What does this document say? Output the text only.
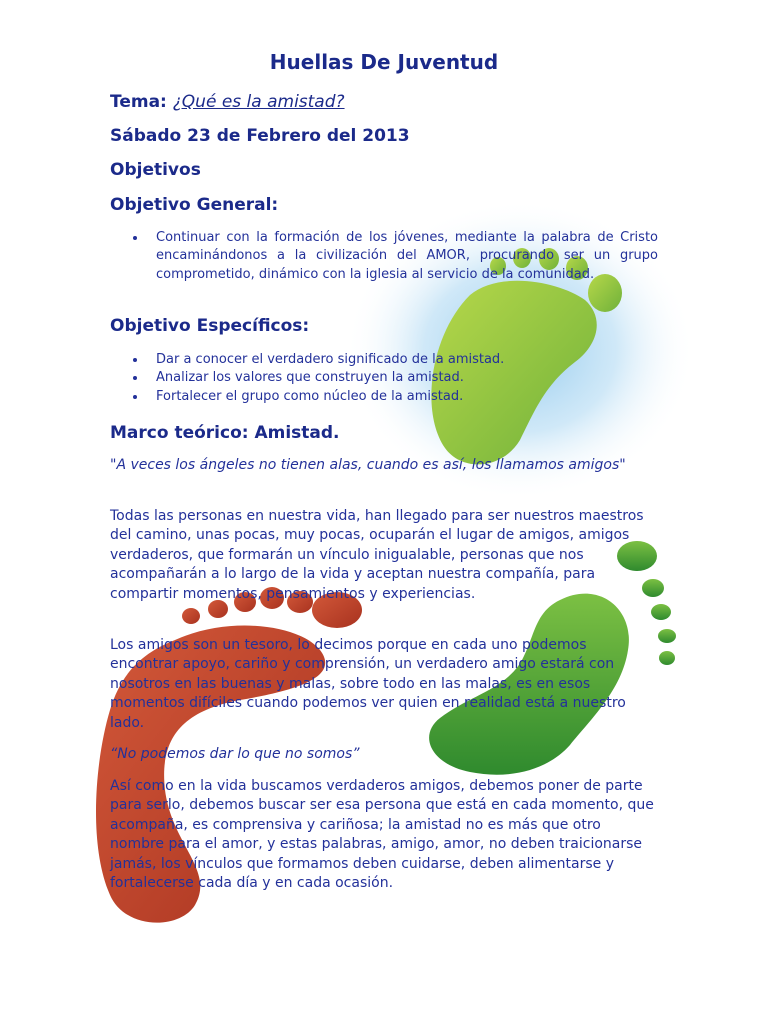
Huellas De Juventud
Tema: ¿Qué es la amistad?
Sábado 23 de Febrero del 2013
Objetivos
Objetivo General:
Continuar con la formación de los jóvenes, mediante la palabra de Cristo encaminándonos a la civilización del AMOR, procurando ser un grupo comprometido, dinámico con la iglesia al servicio de la comunidad.
Objetivo Específicos:
Dar a conocer el verdadero significado de la amistad.
Analizar los valores que construyen la amistad.
Fortalecer el grupo como núcleo de la amistad.
Marco teórico: Amistad.
"A veces los ángeles no tienen alas, cuando es así, los llamamos amigos"
Todas las personas en nuestra vida, han llegado para ser nuestros maestros del camino, unas pocas, muy pocas, ocuparán el lugar de amigos, amigos verdaderos, que formarán un vínculo inigualable, personas que nos acompañarán a lo largo de la vida y aceptan nuestra compañía, para compartir momentos, pensamientos y experiencias.
Los amigos son un tesoro, lo decimos porque en cada uno podemos encontrar apoyo, cariño y comprensión, un verdadero amigo estará con nosotros en las buenas y malas, sobre todo en las malas, es en esos momentos difíciles cuando podemos ver quien en realidad está a nuestro lado.
“No podemos dar lo que no somos”
Así como en la vida buscamos verdaderos amigos, debemos poner de parte para serlo, debemos buscar ser esa persona que está en cada momento, que acompaña, es comprensiva y cariñosa; la amistad no es más que otro nombre para el amor, y estas palabras, amigo, amor, no deben traicionarse jamás, los vínculos que formamos deben cuidarse, deben alimentarse y fortalecerse cada día y en cada ocasión.
